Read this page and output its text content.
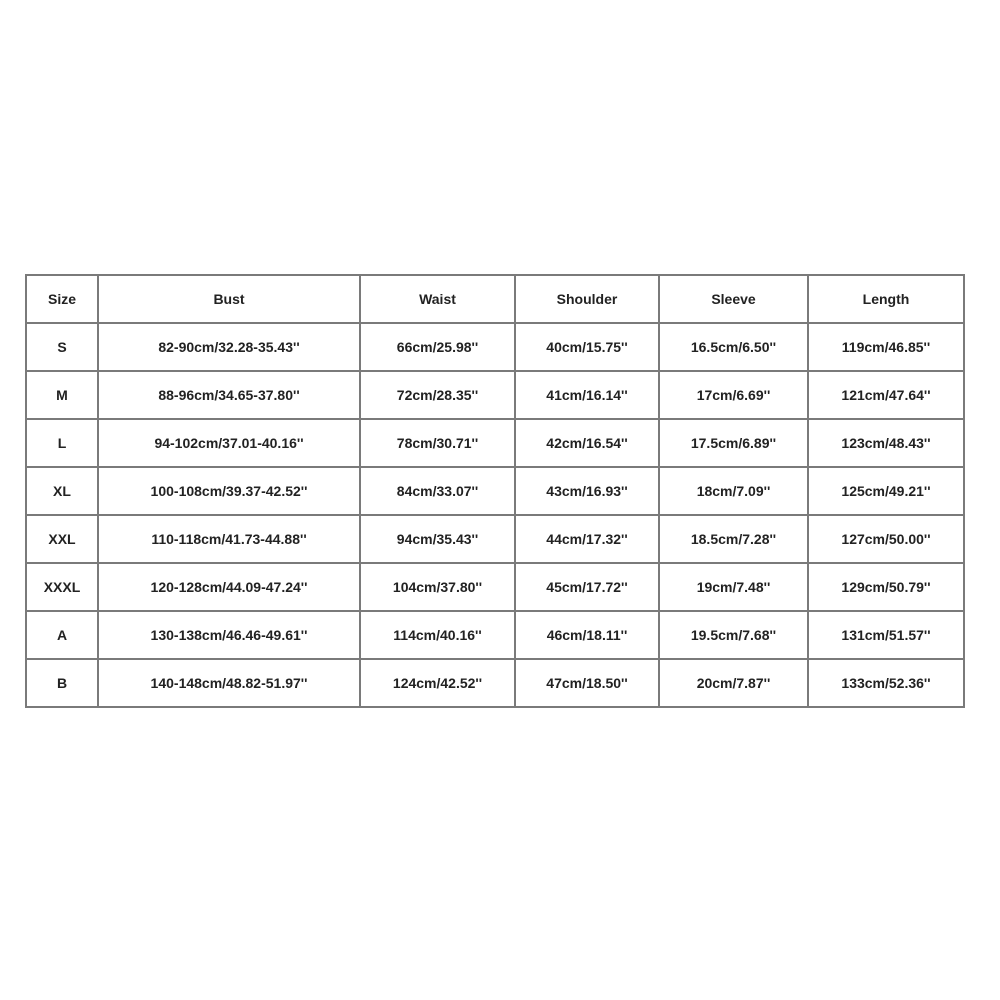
Size	Bust	Waist	Shoulder	Sleeve	Length
S	82-90cm/32.28-35.43''	66cm/25.98''	40cm/15.75''	16.5cm/6.50''	119cm/46.85''
M	88-96cm/34.65-37.80''	72cm/28.35''	41cm/16.14''	17cm/6.69''	121cm/47.64''
L	94-102cm/37.01-40.16''	78cm/30.71''	42cm/16.54''	17.5cm/6.89''	123cm/48.43''
XL	100-108cm/39.37-42.52''	84cm/33.07''	43cm/16.93''	18cm/7.09''	125cm/49.21''
XXL	110-118cm/41.73-44.88''	94cm/35.43''	44cm/17.32''	18.5cm/7.28''	127cm/50.00''
XXXL	120-128cm/44.09-47.24''	104cm/37.80''	45cm/17.72''	19cm/7.48''	129cm/50.79''
A	130-138cm/46.46-49.61''	114cm/40.16''	46cm/18.11''	19.5cm/7.68''	131cm/51.57''
B	140-148cm/48.82-51.97''	124cm/42.52''	47cm/18.50''	20cm/7.87''	133cm/52.36''
